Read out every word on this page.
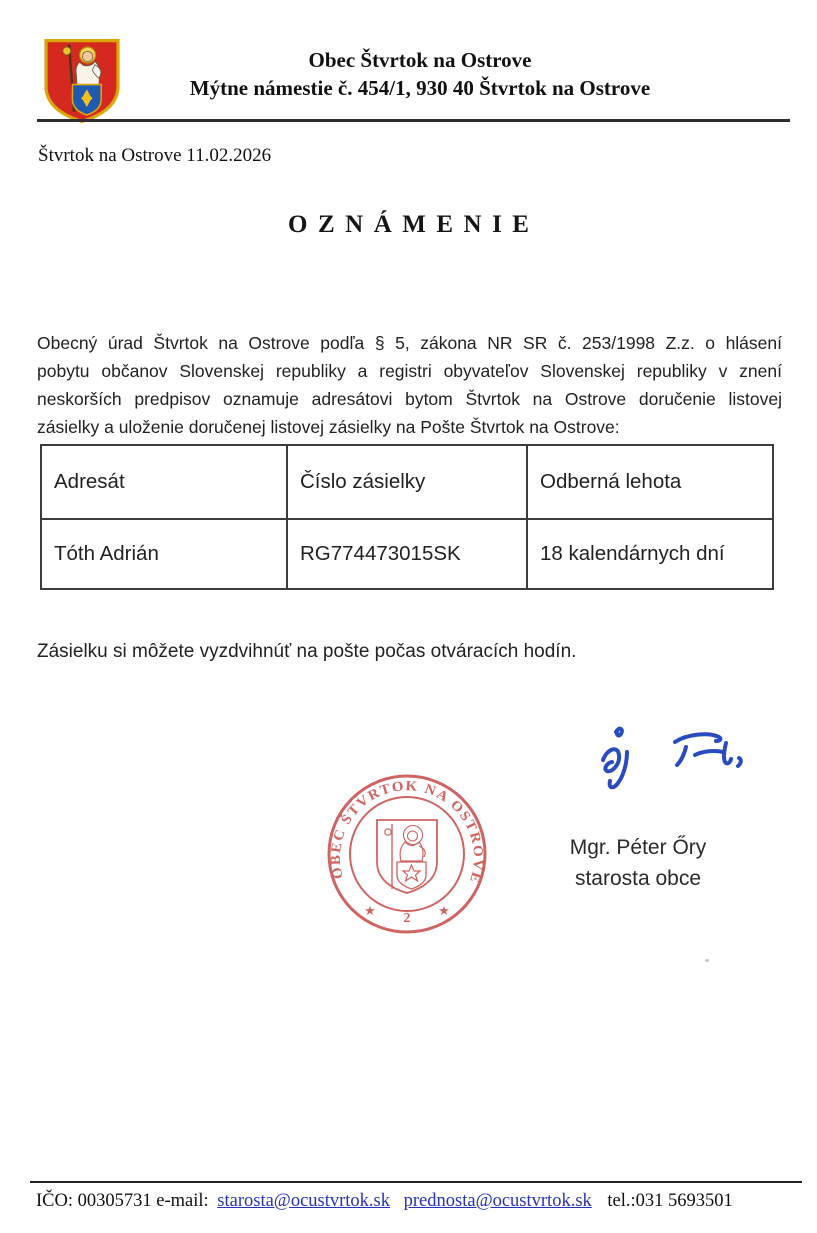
Obec Štvrtok na Ostrove
Mýtne námestie č. 454/1, 930 40 Štvrtok na Ostrove
Štvrtok na Ostrove 11.02.2026
OZNÁMENIE
Obecný úrad Štvrtok na Ostrove podľa § 5, zákona NR SR č. 253/1998 Z.z. o hlásení
pobytu občanov Slovenskej republiky a registri obyvateľov Slovenskej republiky v znení
neskorších predpisov oznamuje adresátovi bytom Štvrtok na Ostrove doručenie listovej
zásielky a uloženie doručenej listovej zásielky na Pošte Štvrtok na Ostrove:
Adresát	Číslo zásielky	Odberná lehota
Tóth Adrián	RG774473015SK	18 kalendárnych dní
Zásielku si môžete vyzdvihnúť na pošte počas otváracích hodín.
OBEC ŠTVRTOK NA OSTROVE
★	★
2
Mgr. Péter Őry
starosta obce
IČO: 00305731 e-mail: starosta@ocustvrtok.sk prednosta@ocustvrtok.sk tel.:031 5693501
